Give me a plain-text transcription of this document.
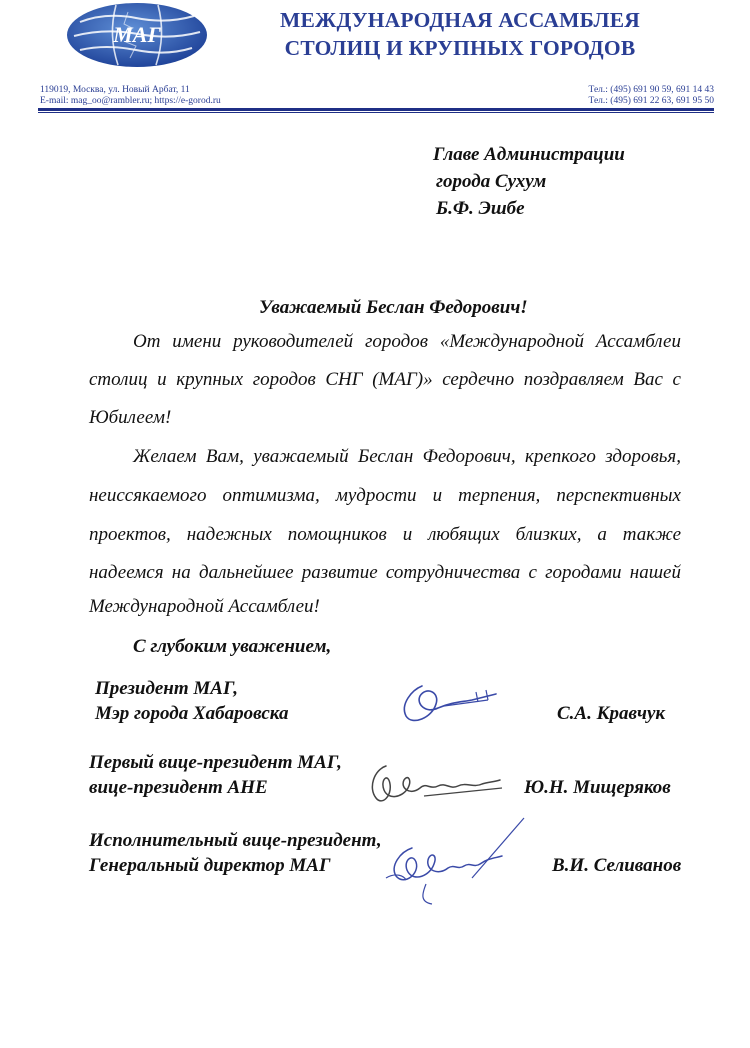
МАГ
МЕЖДУНАРОДНАЯ АССАМБЛЕЯ
СТОЛИЦ И КРУПНЫХ ГОРОДОВ
119019, Москва, ул. Новый Арбат, 11
E-mail: mag_oo@rambler.ru; https://e-gorod.ru
Тел.: (495) 691 90 59, 691 14 43
Тел.: (495) 691 22 63, 691 95 50
Главе Администрации
города Сухум
Б.Ф. Эшбе
Уважаемый Беслан Федорович!
От имени руководителей городов «Международной Ассамблеи
столиц и крупных городов СНГ (МАГ)» сердечно поздравляем Вас с
Юбилеем!
Желаем Вам, уважаемый Беслан Федорович, крепкого здоровья,
неиссякаемого оптимизма, мудрости и терпения, перспективных
проектов, надежных помощников и любящих близких, а также
надеемся на дальнейшее развитие сотрудничества с городами нашей
Международной Ассамблеи!
С глубоким уважением,
Президент МАГ,
Мэр города Хабаровска	С.А. Кравчук
Первый вице-президент МАГ,
вице-президент АНЕ	Ю.Н. Мищеряков
Исполнительный вице-президент,
Генеральный директор МАГ	В.И. Селиванов
